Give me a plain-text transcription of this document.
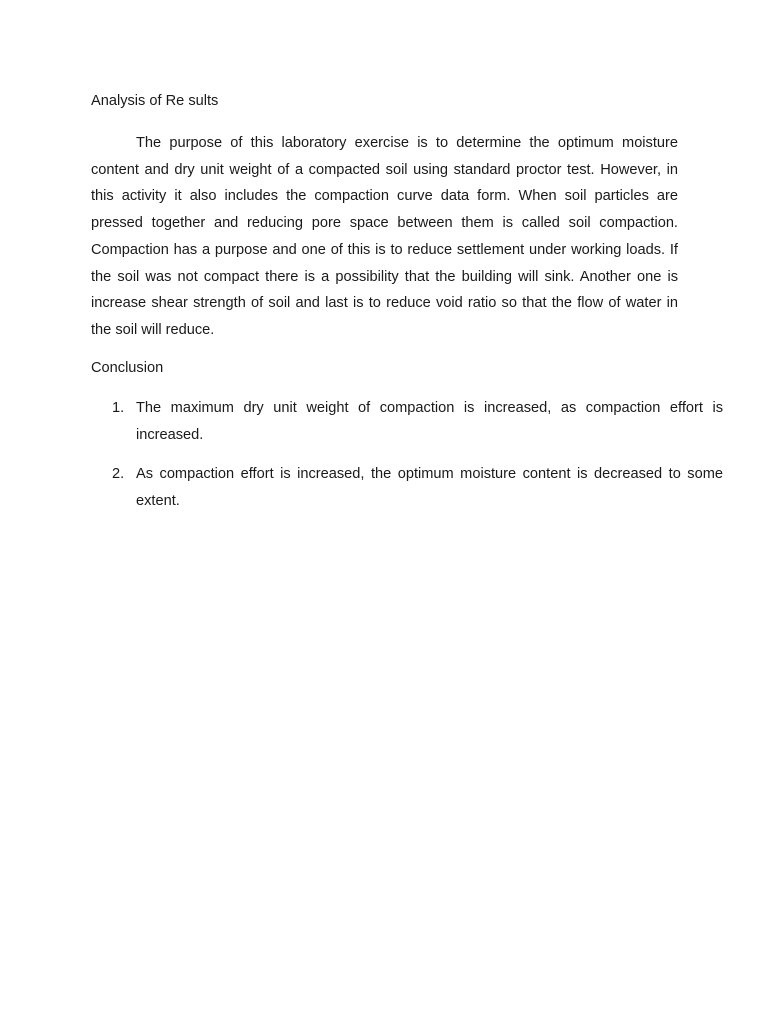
Analysis of Re sults

The purpose of this laboratory exercise is to determine the optimum moisture content and dry unit weight of a compacted soil using standard proctor test. However, in this activity it also includes the compaction curve data form. When soil particles are pressed together and reducing pore space between them is called soil compaction. Compaction has a purpose and one of this is to reduce settlement under working loads. If the soil was not compact there is a possibility that the building will sink. Another one is increase shear strength of soil and last is to reduce void ratio so that the flow of water in the soil will reduce.

Conclusion
1. The maximum dry unit weight of compaction is increased, as compaction effort is increased.
2. As compaction effort is increased, the optimum moisture content is decreased to some extent.
